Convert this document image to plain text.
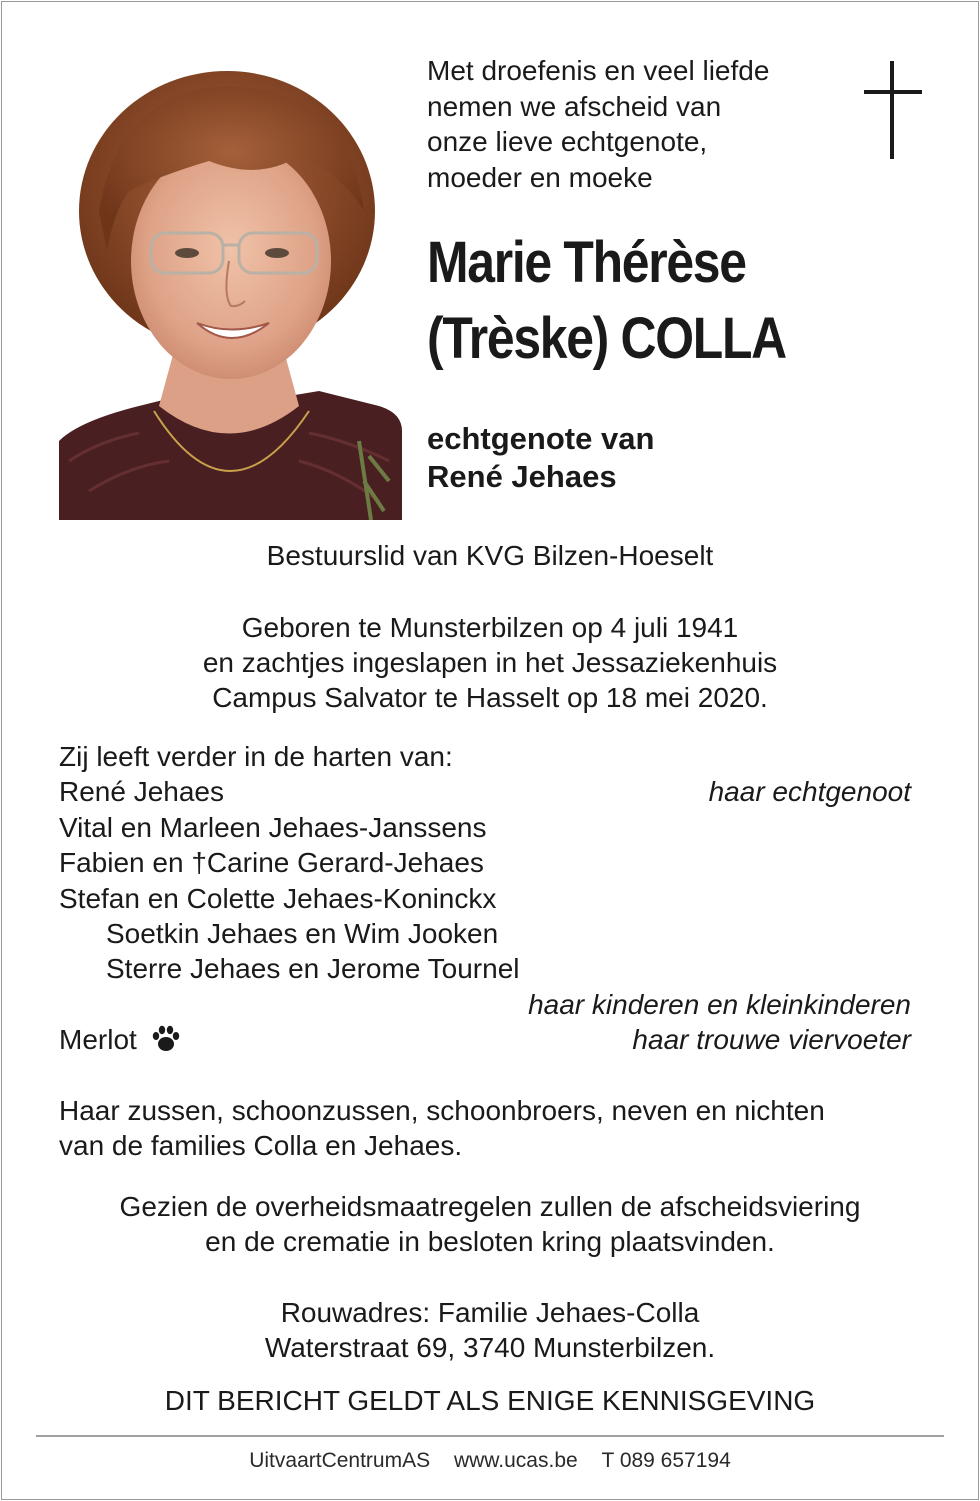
Met droefenis en veel liefde
nemen we afscheid van
onze lieve echtgenote,
moeder en moeke
Marie Thérèse
(Trèske) COLLA
echtgenote van
René Jehaes
Bestuurslid van KVG Bilzen-Hoeselt
Geboren te Munsterbilzen op 4 juli 1941
en zachtjes ingeslapen in het Jessaziekenhuis
Campus Salvator te Hasselt op 18 mei 2020.
Zij leeft verder in de harten van:
René Jehaes	haar echtgenoot
Vital en Marleen Jehaes-Janssens
Fabien en †Carine Gerard-Jehaes
Stefan en Colette Jehaes-Koninckx
Soetkin Jehaes en Wim Jooken
Sterre Jehaes en Jerome Tournel
haar kinderen en kleinkinderen
Merlot	haar trouwe viervoeter
Haar zussen, schoonzussen, schoonbroers, neven en nichten
van de families Colla en Jehaes.
Gezien de overheidsmaatregelen zullen de afscheidsviering
en de crematie in besloten kring plaatsvinden.
Rouwadres: Familie Jehaes-Colla
Waterstraat 69, 3740 Munsterbilzen.
DIT BERICHT GELDT ALS ENIGE KENNISGEVING
UitvaartCentrumAS www.ucas.be T 089 657194
